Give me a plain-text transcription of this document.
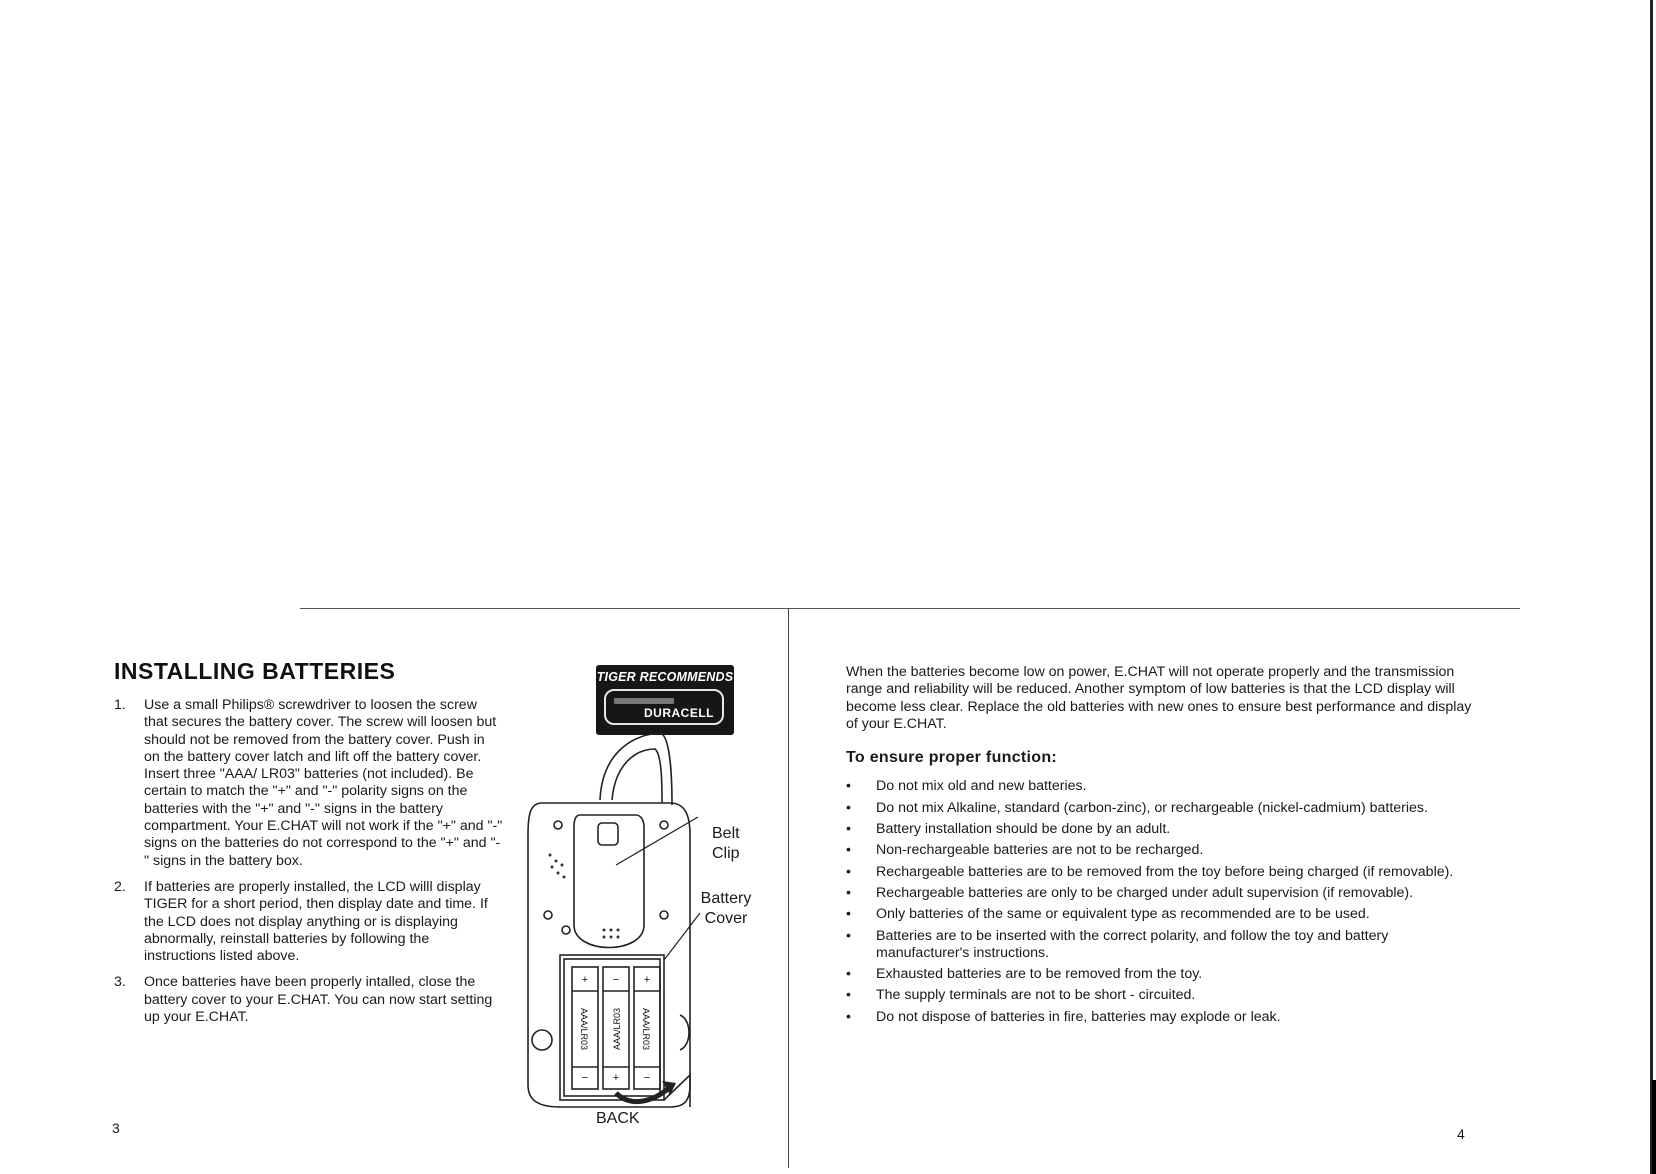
INSTALLING BATTERIES
1. Use a small Philips® screwdriver to loosen the screw that secures the battery cover. The screw will loosen but should not be removed from the battery cover. Push in on the battery cover latch and lift off the battery cover. Insert three "AAA/ LR03" batteries (not included). Be certain to match the "+" and "-" polarity signs on the batteries with the "+" and "-" signs in the battery compartment. Your E.CHAT will not work if the "+" and "-" signs on the batteries do not correspond to the "+" and "-" signs in the battery box.
2. If batteries are properly installed, the LCD willl display TIGER for a short period, then display date and time. If the LCD does not display anything or is displaying abnormally, reinstall batteries by following the instructions listed above.
3. Once batteries have been properly intalled, close the battery cover to your E.CHAT. You can now start setting up your E.CHAT.
3
TIGER RECOMMENDS
DURACELL
+
−
−
+
+
−
AAA/LR03	AAA/LR03 AAA/LR03
Belt Clip
Battery Cover
BACK

When the batteries become low on power, E.CHAT will not operate properly and the transmission range and reliability will be reduced. Another symptom of low batteries is that the LCD display will become less clear. Replace the old batteries with new ones to ensure best performance and display of your E.CHAT.

To ensure proper function:
• Do not mix old and new batteries.
• Do not mix Alkaline, standard (carbon-zinc), or rechargeable (nickel-cadmium) batteries.
• Battery installation should be done by an adult.
• Non-rechargeable batteries are not to be recharged.
• Rechargeable batteries are to be removed from the toy before being charged (if removable).
• Rechargeable batteries are only to be charged under adult supervision (if removable).
• Only batteries of the same or equivalent type as recommended are to be used.
• Batteries are to be inserted with the correct polarity, and follow the toy and battery manufacturer's instructions.
• Exhausted batteries are to be removed from the toy.
• The supply terminals are not to be short - circuited.
• Do not dispose of batteries in fire, batteries may explode or leak.
4
